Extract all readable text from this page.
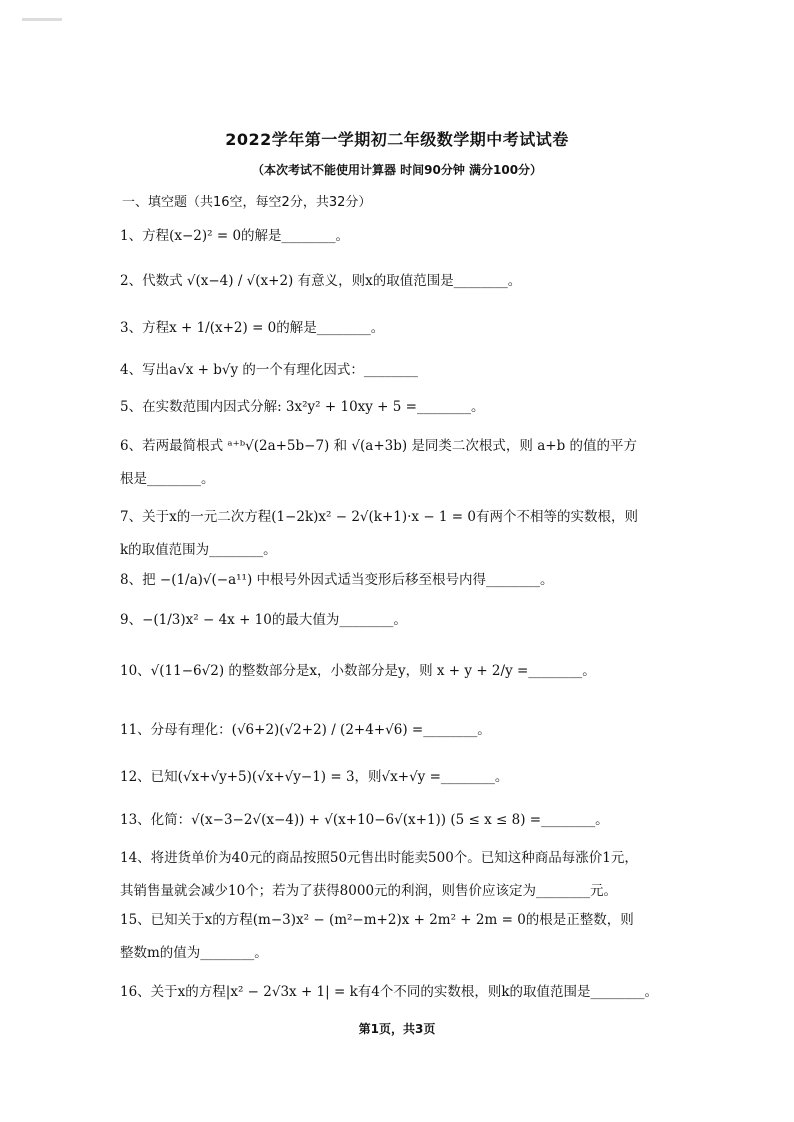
2022学年第一学期初二年级数学期中考试试卷
（本次考试不能使用计算器 时间90分钟 满分100分）
一、填空题（共16空，每空2分，共32分）
1、方程(x−2)² = 0的解是________。
2、代数式 √(x−4) / √(x+2) 有意义，则x的取值范围是________。
3、方程x + 1/(x+2) = 0的解是________。
4、写出a√x + b√y 的一个有理化因式：________
5、在实数范围内因式分解: 3x²y² + 10xy + 5 =________。
6、若两最简根式 ᵃ⁺ᵇ√(2a+5b−7) 和 √(a+3b) 是同类二次根式，则 a+b 的值的平方根是________。
7、关于x的一元二次方程(1−2k)x² − 2√(k+1)·x − 1 = 0有两个不相等的实数根，则k的取值范围为________。
8、把 −(1/a)√(−a¹¹) 中根号外因式适当变形后移至根号内得________。
9、−(1/3)x² − 4x + 10的最大值为________。
10、√(11−6√2) 的整数部分是x，小数部分是y，则 x + y + 2/y =________。
11、分母有理化：(√6+2)(√2+2) / (2+4+√6) =________。
12、已知(√x+√y+5)(√x+√y−1) = 3，则√x+√y =________。
13、化简：√(x−3−2√(x−4)) + √(x+10−6√(x+1)) (5 ≤ x ≤ 8) =________。
14、将进货单价为40元的商品按照50元售出时能卖500个。已知这种商品每涨价1元，其销售量就会减少10个；若为了获得8000元的利润，则售价应该定为________元。
15、已知关于x的方程(m−3)x² − (m²−m+2)x + 2m² + 2m = 0的根是正整数，则整数m的值为________。
16、关于x的方程|x² − 2√3x + 1| = k有4个不同的实数根，则k的取值范围是________。
第1页，共3页
